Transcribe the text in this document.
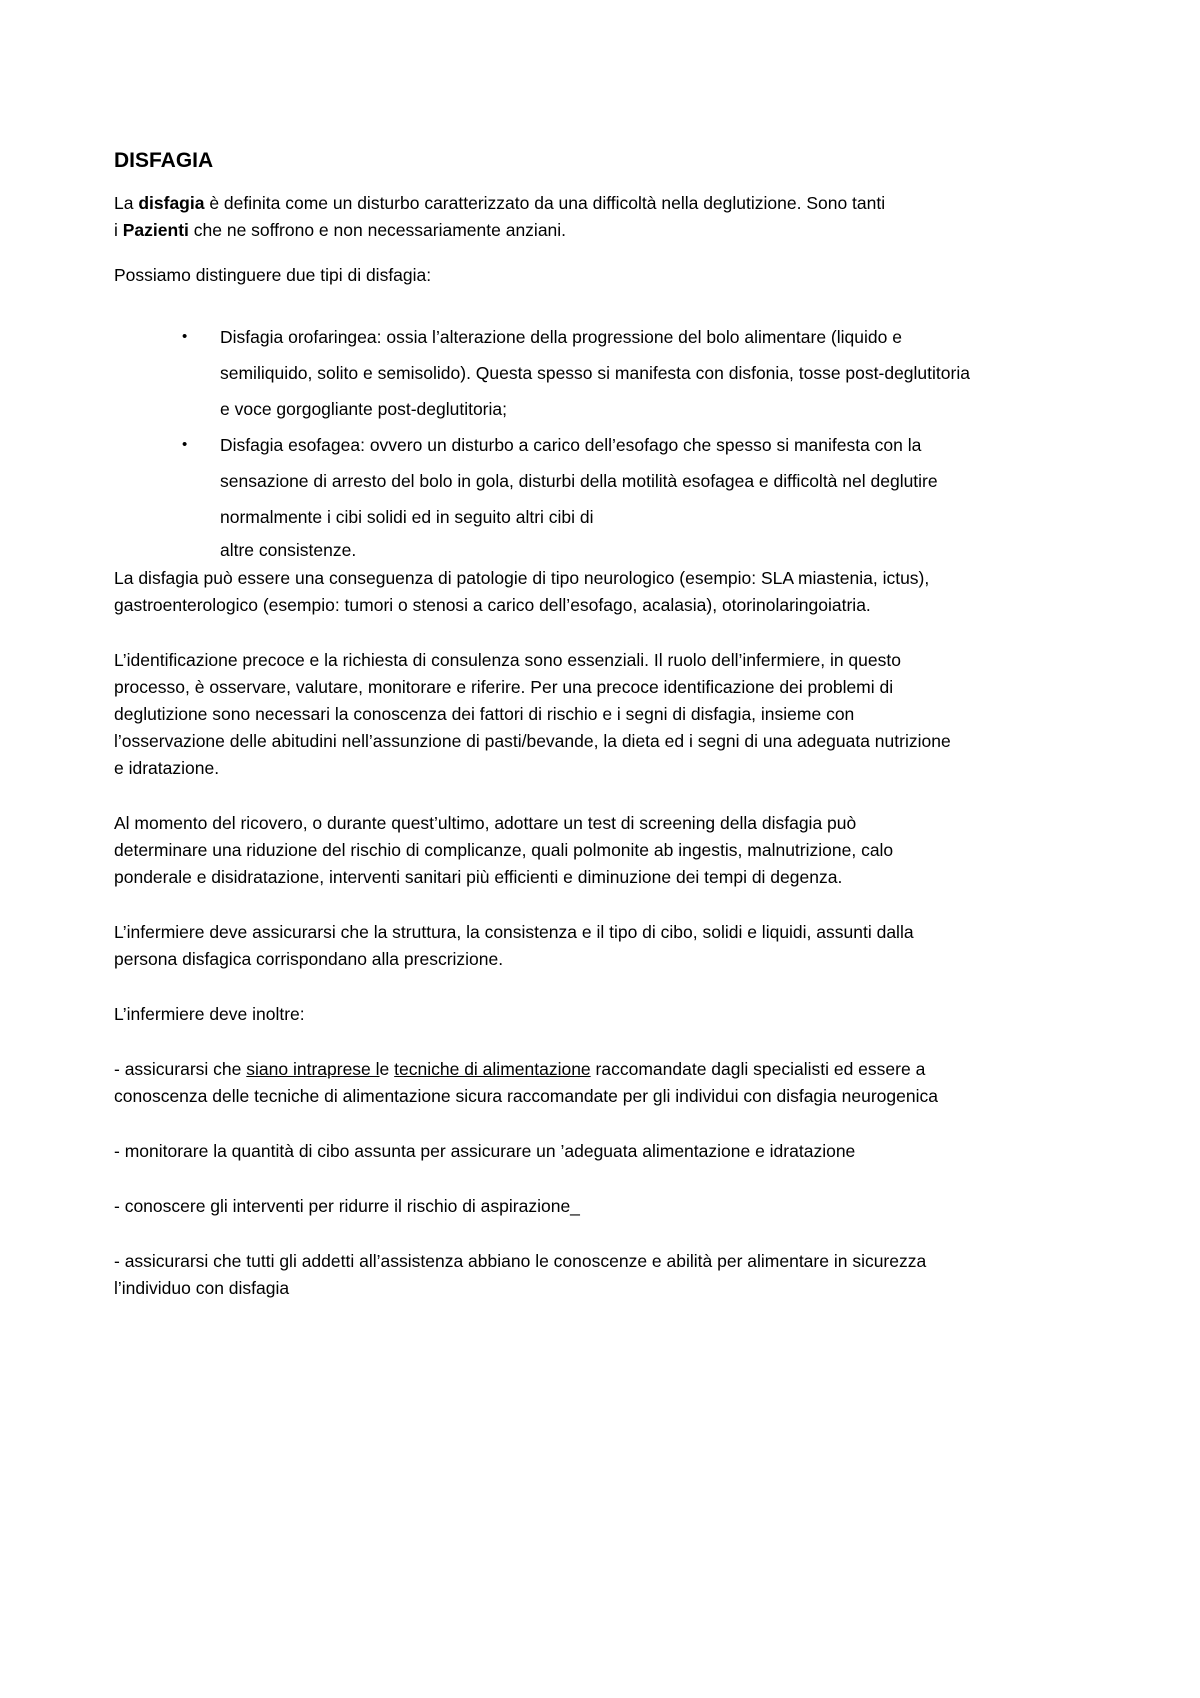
DISFAGIA

La disfagia è definita come un disturbo caratterizzato da una difficoltà nella deglutizione. Sono tanti
i Pazienti che ne soffrono e non necessariamente anziani.

Possiamo distinguere due tipi di disfagia:

• Disfagia orofaringea: ossia l’alterazione della progressione del bolo alimentare (liquido e
semiliquido, solito e semisolido). Questa spesso si manifesta con disfonia, tosse post-deglutitoria
e voce gorgogliante post-deglutitoria;
• Disfagia esofagea: ovvero un disturbo a carico dell’esofago che spesso si manifesta con la
sensazione di arresto del bolo in gola, disturbi della motilità esofagea e difficoltà nel deglutire
normalmente i cibi solidi ed in seguito altri cibi di
altre consistenze.

La disfagia può essere una conseguenza di patologie di tipo neurologico (esempio: SLA miastenia, ictus),
gastroenterologico (esempio: tumori o stenosi a carico dell’esofago, acalasia), otorinolaringoiatria.

L’identificazione precoce e la richiesta di consulenza sono essenziali. Il ruolo dell’infermiere, in questo
processo, è osservare, valutare, monitorare e riferire. Per una precoce identificazione dei problemi di
deglutizione sono necessari la conoscenza dei fattori di rischio e i segni di disfagia, insieme con
l’osservazione delle abitudini nell’assunzione di pasti/bevande, la dieta ed i segni di una adeguata nutrizione
e idratazione.

Al momento del ricovero, o durante quest’ultimo, adottare un test di screening della disfagia può
determinare una riduzione del rischio di complicanze, quali polmonite ab ingestis, malnutrizione, calo
ponderale e disidratazione, interventi sanitari più efficienti e diminuzione dei tempi di degenza.

L’infermiere deve assicurarsi che la struttura, la consistenza e il tipo di cibo, solidi e liquidi, assunti dalla
persona disfagica corrispondano alla prescrizione.

L’infermiere deve inoltre:

- assicurarsi che siano intraprese le tecniche di alimentazione raccomandate dagli specialisti ed essere a
conoscenza delle tecniche di alimentazione sicura raccomandate per gli individui con disfagia neurogenica

- monitorare la quantità di cibo assunta per assicurare un ’adeguata alimentazione e idratazione

- conoscere gli interventi per ridurre il rischio di aspirazione_

- assicurarsi che tutti gli addetti all’assistenza abbiano le conoscenze e abilità per alimentare in sicurezza
l’individuo con disfagia
